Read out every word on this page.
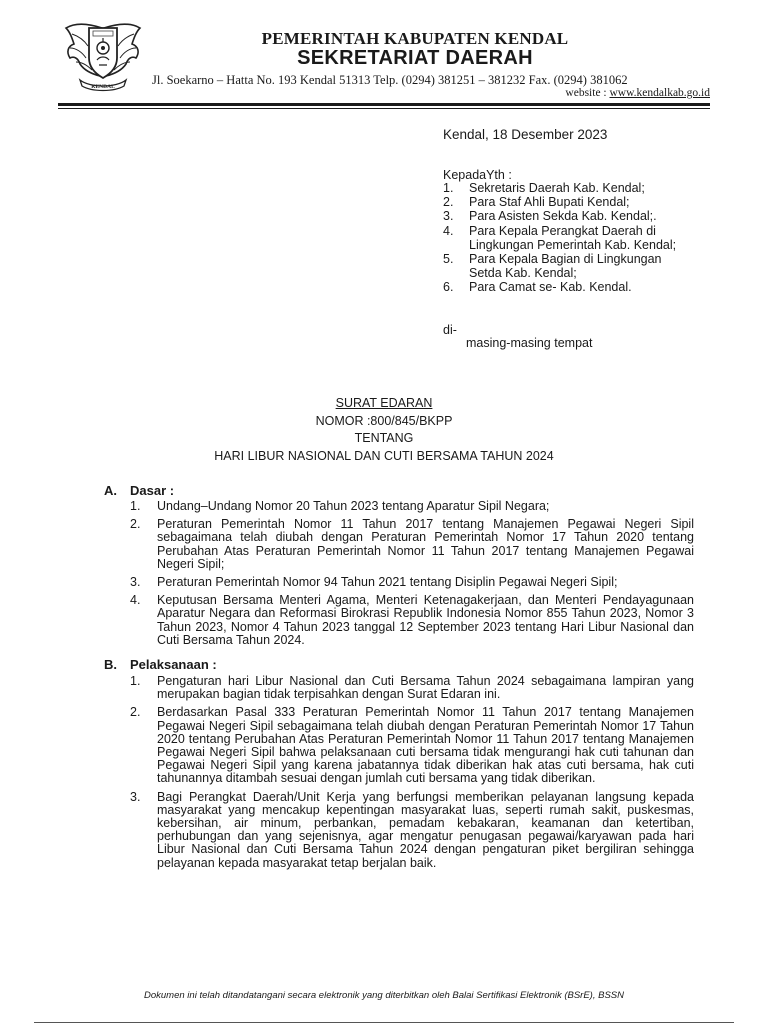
KENDAL
PEMERINTAH KABUPATEN KENDAL
SEKRETARIAT DAERAH
Jl. Soekarno – Hatta No. 193 Kendal 51313 Telp. (0294) 381251 – 381232 Fax. (0294) 381062
website : www.kendalkab.go.id
Kendal, 18 Desember 2023
KepadaYth :
1. Sekretaris Daerah Kab. Kendal;
2. Para Staf Ahli Bupati Kendal;
3. Para Asisten Sekda Kab. Kendal;.
4. Para Kepala Perangkat Daerah di Lingkungan Pemerintah Kab. Kendal;
5. Para Kepala Bagian di Lingkungan Setda Kab. Kendal;
6. Para Camat se- Kab. Kendal.
di-
masing-masing tempat
SURAT EDARAN
NOMOR :800/845/BKPP
TENTANG
HARI LIBUR NASIONAL DAN CUTI BERSAMA TAHUN 2024
A. Dasar :
1. Undang–Undang Nomor 20 Tahun 2023 tentang Aparatur Sipil Negara;
2. Peraturan Pemerintah Nomor 11 Tahun 2017 tentang Manajemen Pegawai Negeri Sipil sebagaimana telah diubah dengan Peraturan Pemerintah Nomor 17 Tahun 2020 tentang Perubahan Atas Peraturan Pemerintah Nomor 11 Tahun 2017 tentang Manajemen Pegawai Negeri Sipil;
3. Peraturan Pemerintah Nomor 94 Tahun 2021 tentang Disiplin Pegawai Negeri Sipil;
4. Keputusan Bersama Menteri Agama, Menteri Ketenagakerjaan, dan Menteri Pendayagunaan Aparatur Negara dan Reformasi Birokrasi Republik Indonesia Nomor 855 Tahun 2023, Nomor 3 Tahun 2023, Nomor 4 Tahun 2023 tanggal 12 September 2023 tentang Hari Libur Nasional dan Cuti Bersama Tahun 2024.
B. Pelaksanaan :
1. Pengaturan hari Libur Nasional dan Cuti Bersama Tahun 2024 sebagaimana lampiran yang merupakan bagian tidak terpisahkan dengan Surat Edaran ini.
2. Berdasarkan Pasal 333 Peraturan Pemerintah Nomor 11 Tahun 2017 tentang Manajemen Pegawai Negeri Sipil sebagaimana telah diubah dengan Peraturan Pemerintah Nomor 17 Tahun 2020 tentang Perubahan Atas Peraturan Pemerintah Nomor 11 Tahun 2017 tentang Manajemen Pegawai Negeri Sipil bahwa pelaksanaan cuti bersama tidak mengurangi hak cuti tahunan dan Pegawai Negeri Sipil yang karena jabatannya tidak diberikan hak atas cuti bersama, hak cuti tahunannya ditambah sesuai dengan jumlah cuti bersama yang tidak diberikan.
3. Bagi Perangkat Daerah/Unit Kerja yang berfungsi memberikan pelayanan langsung kepada masyarakat yang mencakup kepentingan masyarakat luas, seperti rumah sakit, puskesmas, kebersihan, air minum, perbankan, pemadam kebakaran, keamanan dan ketertiban, perhubungan dan yang sejenisnya, agar mengatur penugasan pegawai/karyawan pada hari Libur Nasional dan Cuti Bersama Tahun 2024 dengan pengaturan piket bergiliran sehingga pelayanan kepada masyarakat tetap berjalan baik.
Dokumen ini telah ditandatangani secara elektronik yang diterbitkan oleh Balai Sertifikasi Elektronik (BSrE), BSSN
